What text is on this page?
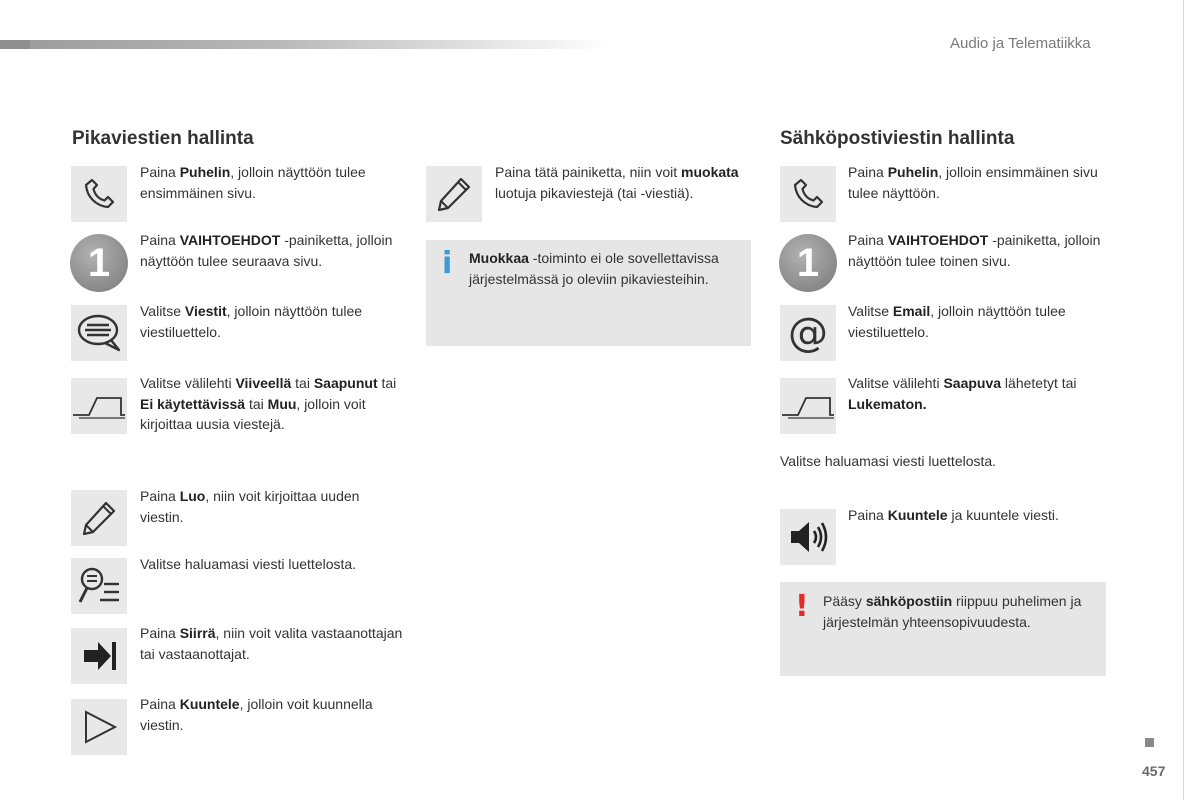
Audio ja Telematiikka
457
Pikaviestien hallinta
Paina Puhelin, jolloin näyttöön tulee ensimmäinen sivu.
1
Paina VAIHTOEHDOT -painiketta, jolloin näyttöön tulee seuraava sivu.
Valitse Viestit, jolloin näyttöön tulee viestiluettelo.
Valitse välilehti Viiveellä tai Saapunut tai Ei käytettävissä tai Muu, jolloin voit kirjoittaa uusia viestejä.
Paina Luo, niin voit kirjoittaa uuden viestin.
Valitse haluamasi viesti luettelosta.
Paina Siirrä, niin voit valita vastaanottajan tai vastaanottajat.
Paina Kuuntele, jolloin voit kuunnella viestin.
Paina tätä painiketta, niin voit muokata luotuja pikaviestejä (tai -viestiä).
i Muokkaa -toiminto ei ole sovellettavissa järjestelmässä jo oleviin pikaviesteihin.
Sähköpostiviestin hallinta
Paina Puhelin, jolloin ensimmäinen sivu tulee näyttöön.
1
Paina VAIHTOEHDOT -painiketta, jolloin näyttöön tulee toinen sivu.
@ Valitse Email, jolloin näyttöön tulee viestiluettelo.
Valitse välilehti Saapuva lähetetyt tai Lukematon.
Valitse haluamasi viesti luettelosta.
Paina Kuuntele ja kuuntele viesti.
! Pääsy sähköpostiin riippuu puhelimen ja järjestelmän yhteensopivuudesta.
